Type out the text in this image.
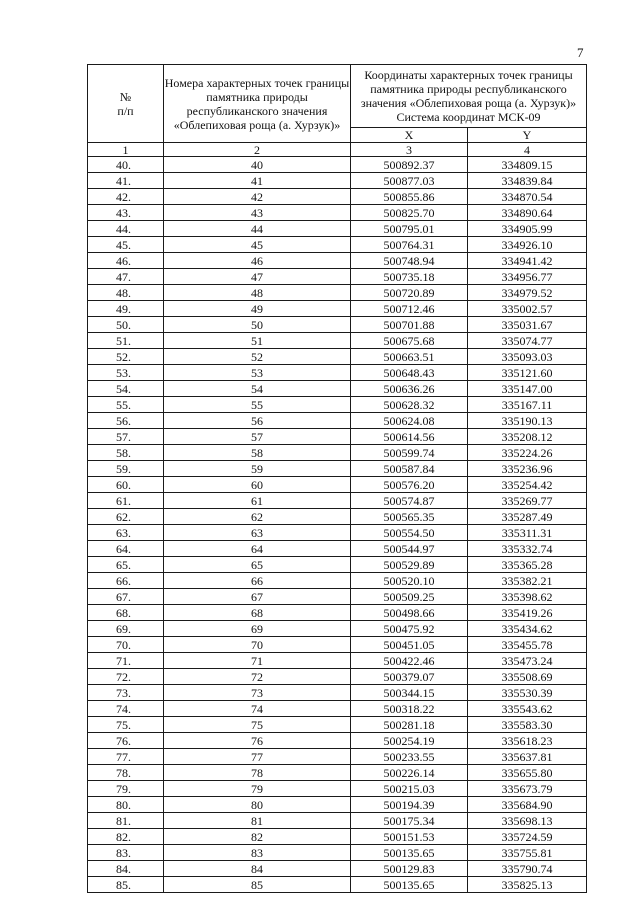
7
№
п/п	Номера характерных точек границы памятника природы республиканского значения «Облепиховая роща (а. Хурзук)»	Координаты характерных точек границы памятника природы республиканского значения «Облепиховая роща (а. Хурзук)» Система координат МСК-09	
		X	Y
1	2	3	4
40.	40	500892.37	334809.15
41.	41	500877.03	334839.84
42.	42	500855.86	334870.54
43.	43	500825.70	334890.64
44.	44	500795.01	334905.99
45.	45	500764.31	334926.10
46.	46	500748.94	334941.42
47.	47	500735.18	334956.77
48.	48	500720.89	334979.52
49.	49	500712.46	335002.57
50.	50	500701.88	335031.67
51.	51	500675.68	335074.77
52.	52	500663.51	335093.03
53.	53	500648.43	335121.60
54.	54	500636.26	335147.00
55.	55	500628.32	335167.11
56.	56	500624.08	335190.13
57.	57	500614.56	335208.12
58.	58	500599.74	335224.26
59.	59	500587.84	335236.96
60.	60	500576.20	335254.42
61.	61	500574.87	335269.77
62.	62	500565.35	335287.49
63.	63	500554.50	335311.31
64.	64	500544.97	335332.74
65.	65	500529.89	335365.28
66.	66	500520.10	335382.21
67.	67	500509.25	335398.62
68.	68	500498.66	335419.26
69.	69	500475.92	335434.62
70.	70	500451.05	335455.78
71.	71	500422.46	335473.24
72.	72	500379.07	335508.69
73.	73	500344.15	335530.39
74.	74	500318.22	335543.62
75.	75	500281.18	335583.30
76.	76	500254.19	335618.23
77.	77	500233.55	335637.81
78.	78	500226.14	335655.80
79.	79	500215.03	335673.79
80.	80	500194.39	335684.90
81.	81	500175.34	335698.13
82.	82	500151.53	335724.59
83.	83	500135.65	335755.81
84.	84	500129.83	335790.74
85.	85	500135.65	335825.13
